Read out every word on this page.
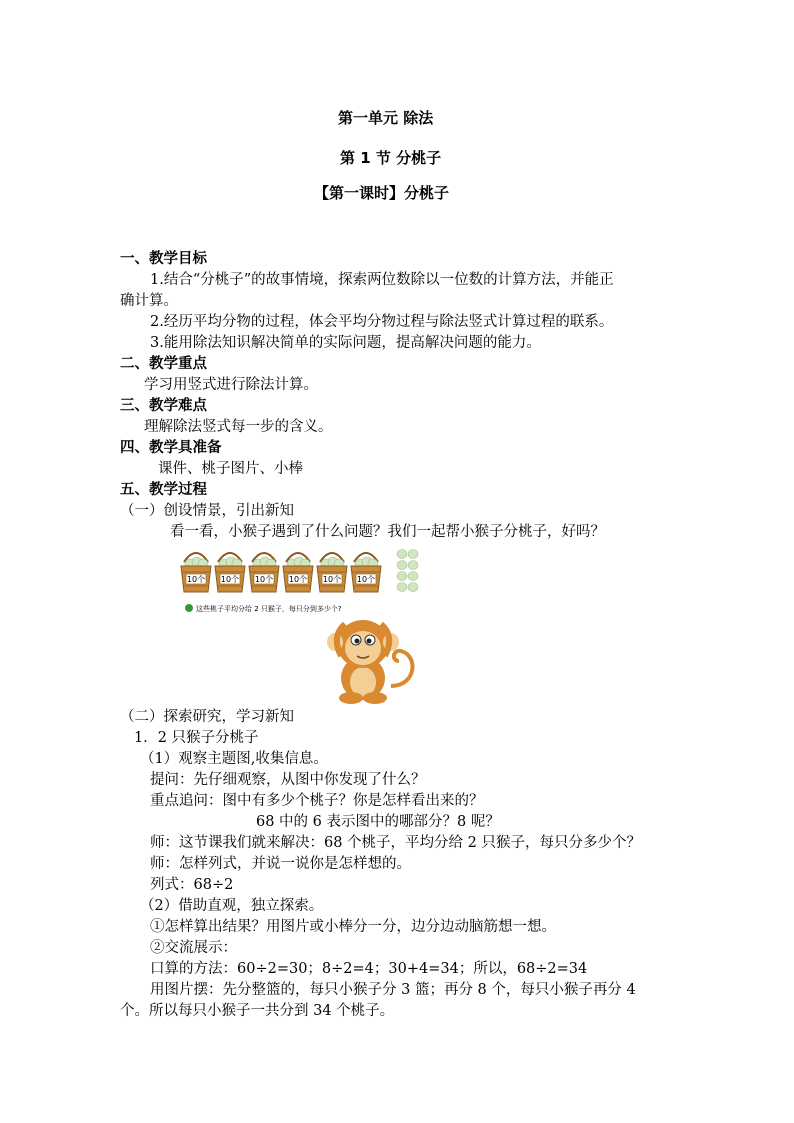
第一单元 除法
第 1 节 分桃子
【第一课时】分桃子
一、教学目标
1.结合“分桃子”的故事情境，探索两位数除以一位数的计算方法，并能正
确计算。
2.经历平均分物的过程，体会平均分物过程与除法竖式计算过程的联系。
3.能用除法知识解决简单的实际问题，提高解决问题的能力。
二、教学重点
学习用竖式进行除法计算。
三、教学难点
理解除法竖式每一步的含义。
四、教学具准备
课件、桃子图片、小棒
五、教学过程
（一）创设情景，引出新知
看一看，小猴子遇到了什么问题？我们一起帮小猴子分桃子，好吗？
10个 10个 10个 10个 10个 10个
这些桃子平均分给 2 只猴子，每只分到多少个?
（二）探索研究，学习新知
1．2 只猴子分桃子
（1）观察主题图,收集信息。
提问：先仔细观察，从图中你发现了什么？
重点追问：图中有多少个桃子？你是怎样看出来的？
68 中的 6 表示图中的哪部分？8 呢？
师：这节课我们就来解决：68 个桃子，平均分给 2 只猴子，每只分多少个？
师：怎样列式，并说一说你是怎样想的。
列式：68÷2
（2）借助直观，独立探索。
①怎样算出结果？用图片或小棒分一分，边分边动脑筋想一想。
②交流展示：
口算的方法：60÷2=30；8÷2=4；30+4=34；所以，68÷2=34
用图片摆：先分整篮的，每只小猴子分 3 篮；再分 8 个，每只小猴子再分 4
个。所以每只小猴子一共分到 34 个桃子。
